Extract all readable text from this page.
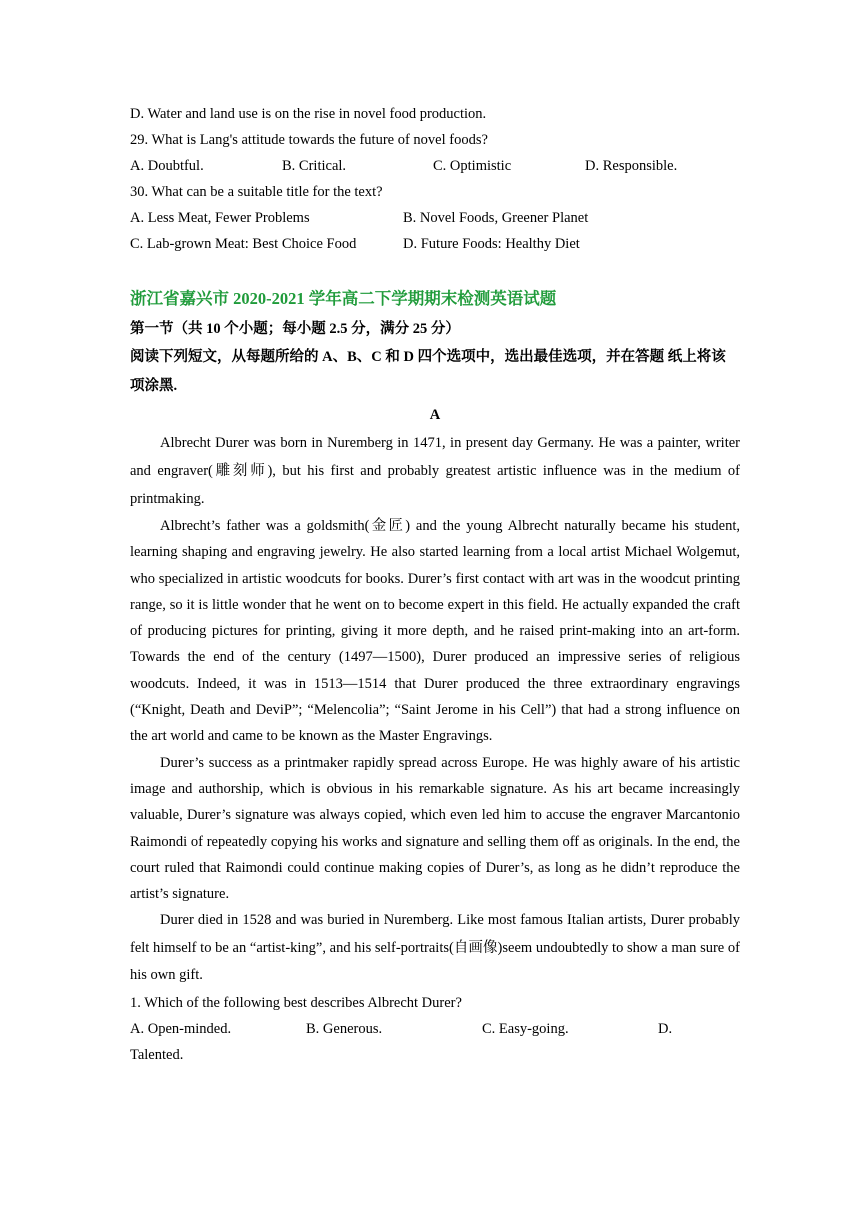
D. Water and land use is on the rise in novel food production.
29. What is Lang's attitude towards the future of novel foods?
A. Doubtful.	B. Critical.	C. Optimistic	D. Responsible.
30. What can be a suitable title for the text?
A. Less Meat, Fewer Problems	B. Novel Foods, Greener Planet
C. Lab-grown Meat: Best Choice Food	D. Future Foods: Healthy Diet
浙江省嘉兴市 2020-2021 学年高二下学期期末检测英语试题
第一节（共 10 个小题；每小题 2.5 分，满分 25 分）
阅读下列短文，从每题所给的 A、B、C 和 D 四个选项中，选出最佳选项，并在答题 纸上将该项涂黑.
A

Albrecht Durer was born in Nuremberg in 1471, in present day Germany. He was a painter, writer and engraver(雕刻师), but his first and probably greatest artistic influence was in the medium of printmaking.

Albrecht’s father was a goldsmith(金匠) and the young Albrecht naturally became his student, learning shaping and engraving jewelry. He also started learning from a local artist Michael Wolgemut, who specialized in artistic woodcuts for books. Durer’s first contact with art was in the woodcut printing range, so it is little wonder that he went on to become expert in this field. He actually expanded the craft of producing pictures for printing, giving it more depth, and he raised print-making into an art-form. Towards the end of the century (1497—1500), Durer produced an impressive series of religious woodcuts. Indeed, it was in 1513—1514 that Durer produced the three extraordinary engravings (“Knight, Death and DeviP”; “Melencolia”; “Saint Jerome in his Cell”) that had a strong influence on the art world and came to be known as the Master Engravings.

Durer’s success as a printmaker rapidly spread across Europe. He was highly aware of his artistic image and authorship, which is obvious in his remarkable signature. As his art became increasingly valuable, Durer’s signature was always copied, which even led him to accuse the engraver Marcantonio Raimondi of repeatedly copying his works and signature and selling them off as originals. In the end, the court ruled that Raimondi could continue making copies of Durer’s, as long as he didn’t reproduce the artist’s signature.

Durer died in 1528 and was buried in Nuremberg. Like most famous Italian artists, Durer probably felt himself to be an “artist-king”, and his self-portraits(自画像)seem undoubtedly to show a man sure of his own gift.

1. Which of the following best describes Albrecht Durer?
A. Open-minded.	B. Generous.	C. Easy-going.	D.
Talented.
